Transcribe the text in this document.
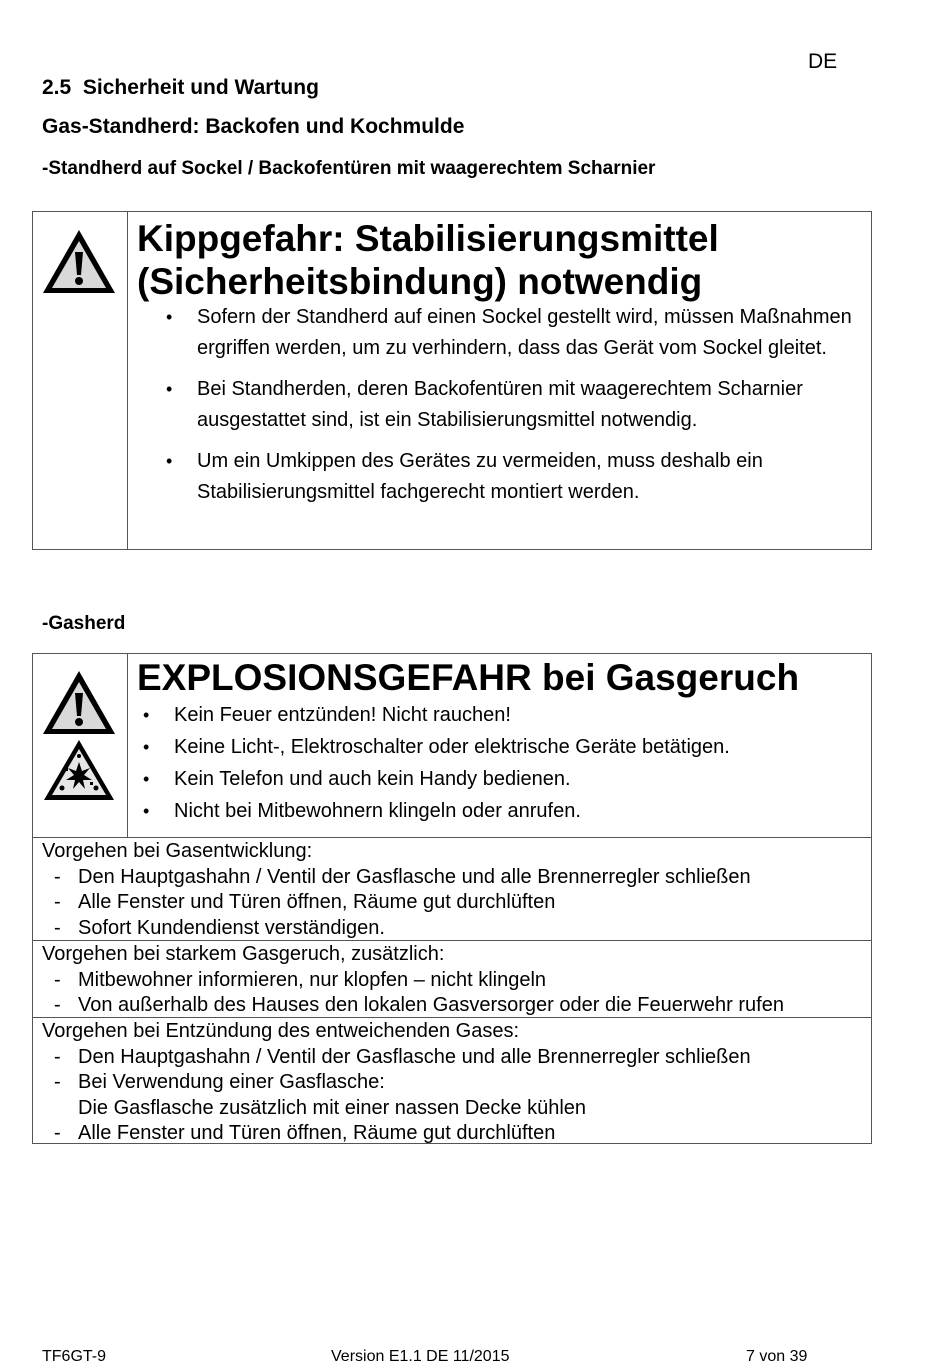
DE
2.5  Sicherheit und Wartung
Gas-Standherd: Backofen und Kochmulde
-Standherd auf Sockel / Backofentüren mit waagerechtem Scharnier
Kippgefahr: Stabilisierungsmittel (Sicherheitsbindung) notwendig
• Sofern der Standherd auf einen Sockel gestellt wird, müssen Maßnahmen ergriffen werden, um zu verhindern, dass das Gerät vom Sockel gleitet.
• Bei Standherden, deren Backofentüren mit waagerechtem Scharnier ausgestattet sind, ist ein Stabilisierungsmittel notwendig.
• Um ein Umkippen des Gerätes zu vermeiden, muss deshalb ein Stabilisierungsmittel fachgerecht montiert werden.
-Gasherd
EXPLOSIONSGEFAHR bei Gasgeruch
• Kein Feuer entzünden! Nicht rauchen!
• Keine Licht-, Elektroschalter oder elektrische Geräte betätigen.
• Kein Telefon und auch kein Handy bedienen.
• Nicht bei Mitbewohnern klingeln oder anrufen.
Vorgehen bei Gasentwicklung:
- Den Hauptgashahn / Ventil der Gasflasche und alle Brennerregler schließen
- Alle Fenster und Türen öffnen, Räume gut durchlüften
- Sofort Kundendienst verständigen.
Vorgehen bei starkem Gasgeruch, zusätzlich:
- Mitbewohner informieren, nur klopfen – nicht klingeln
- Von außerhalb des Hauses den lokalen Gasversorger oder die Feuerwehr rufen
Vorgehen bei Entzündung des entweichenden Gases:
- Den Hauptgashahn / Ventil der Gasflasche und alle Brennerregler schließen
- Bei Verwendung einer Gasflasche:
Die Gasflasche zusätzlich mit einer nassen Decke kühlen
- Alle Fenster und Türen öffnen, Räume gut durchlüften
TF6GT-9	Version E1.1 DE 11/2015	7 von 39
